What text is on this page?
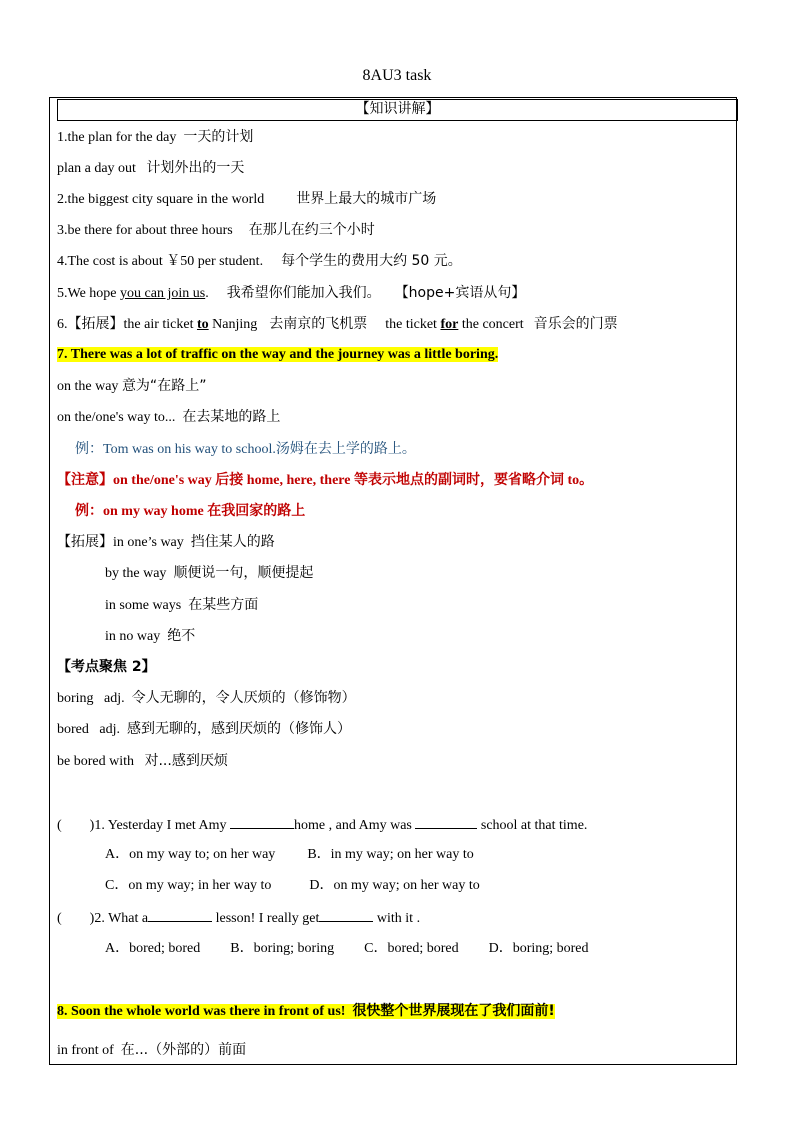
8AU3 task
【知识讲解】
1.the plan for the day 一天的计划
plan a day out 计划外出的一天
2.the biggest city square in the world 世界上最大的城市广场
3.be there for about three hours 在那儿在约三个小时
4.The cost is about ￥50 per student. 每个学生的费用大约 50 元。
5.We hope you can join us. 我希望你们能加入我们。 【hope+宾语从句】
6.【拓展】the air ticket to Nanjing 去南京的飞机票 the ticket for the concert 音乐会的门票
7. There was a lot of traffic on the way and the journey was a little boring.
on the way 意为“在路上”
on the/one's way to... 在去某地的路上
例：Tom was on his way to school.汤姆在去上学的路上。
【注意】on the/one's way 后接 home, here, there 等表示地点的副词时，要省略介词 to。
例：on my way home 在我回家的路上
【拓展】in one’s way 挡住某人的路
by the way 顺便说一句，顺便提起
in some ways 在某些方面
in no way 绝不
【考点聚焦 2】
boring   adj. 令人无聊的，令人厌烦的（修饰物）
bored   adj. 感到无聊的，感到厌烦的（修饰人）
be bored with 对...感到厌烦
(        )1. Yesterday I met Amy	home , and Amy was	school at that time.
A．on my way to; on her way B．in my way; on her way to
C．on my way; in her way to	D．on my way; on her way to
(        )2. What a	lesson! I really get	with it .
A．bored; bored B．boring; boring C．bored; bored D．boring; bored
8. Soon the whole world was there in front of us! 很快整个世界展现在了我们面前!
in front of 在...（外部的）前面
